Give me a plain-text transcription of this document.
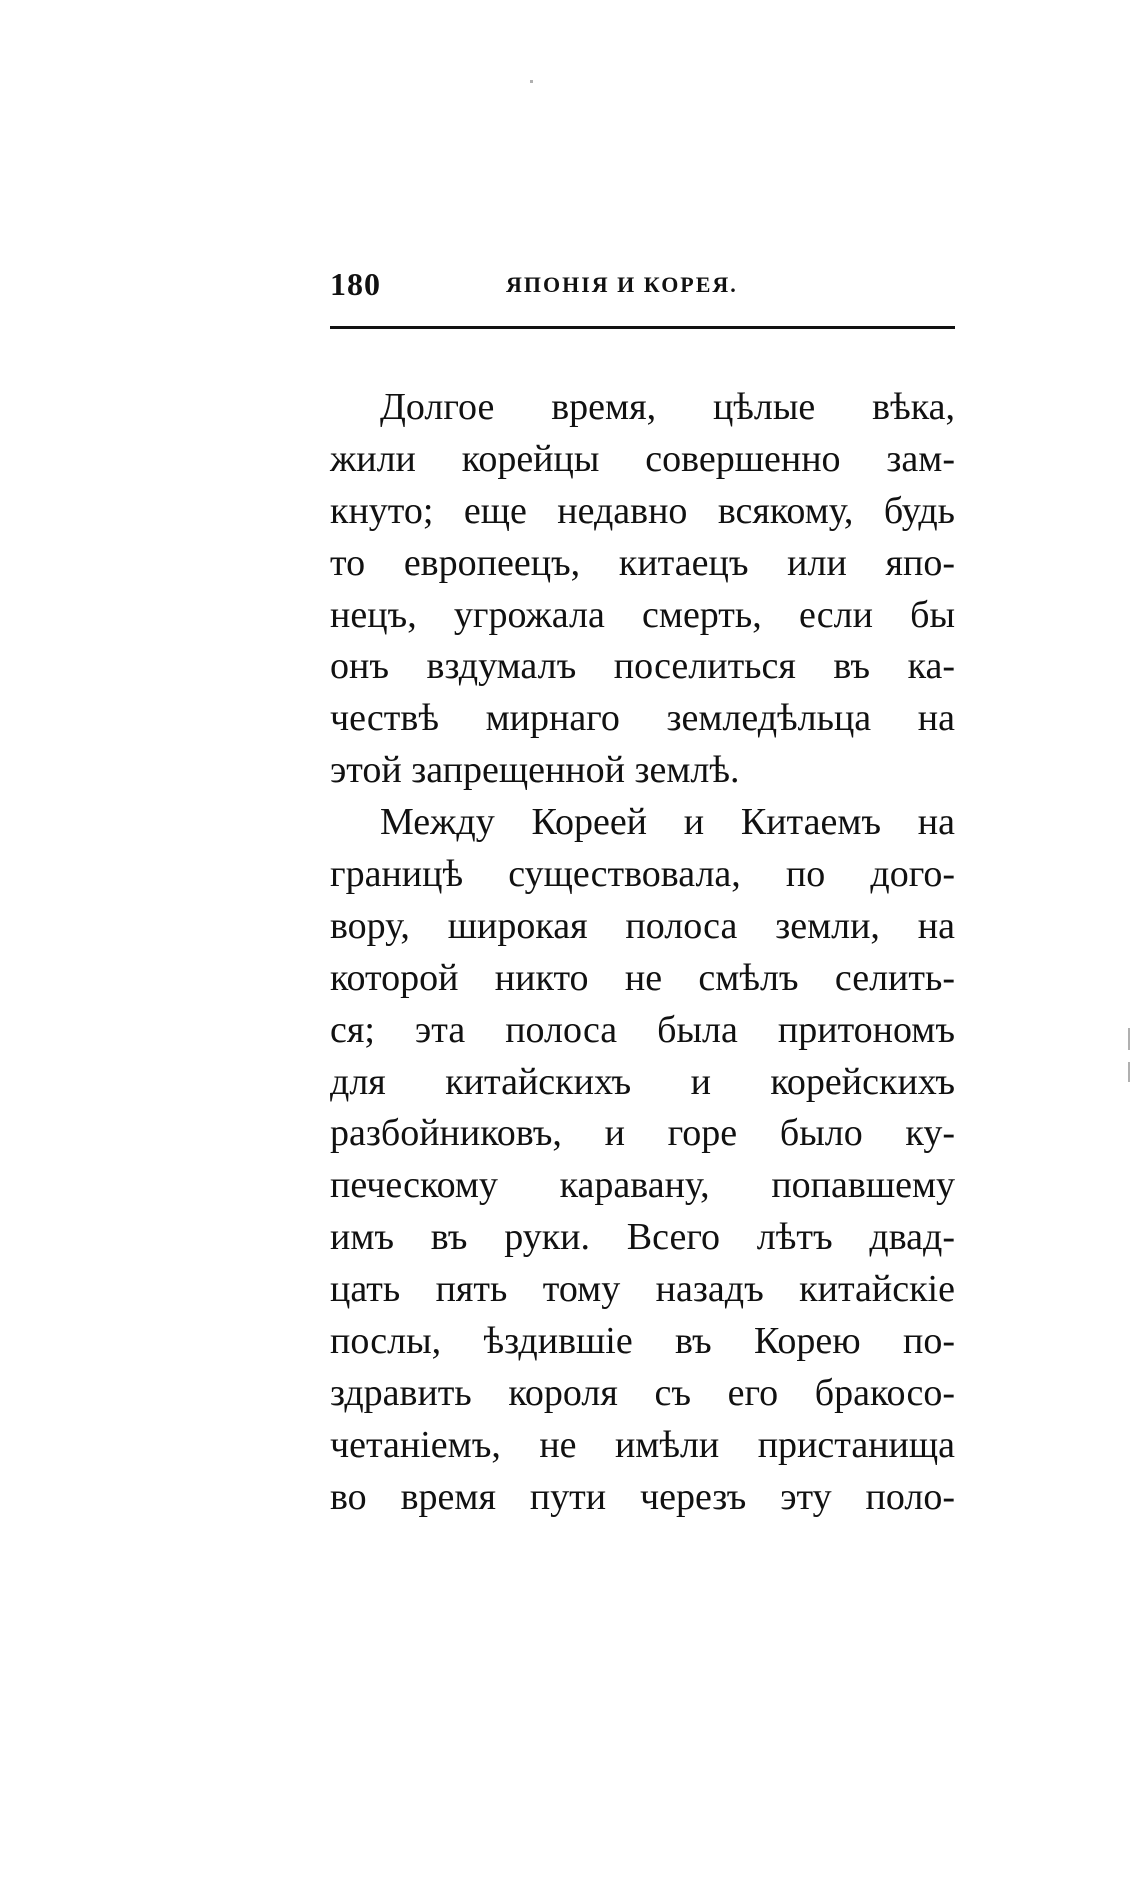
180	ЯПОНІЯ И КОРЕЯ.
Долгое время, цѣлые вѣка,
жили корейцы совершенно зам-
кнуто; еще недавно всякому, будь
то европеецъ, китаецъ или япо-
нецъ, угрожала смерть, если бы
онъ вздумалъ поселиться въ ка-
чествѣ мирнаго земледѣльца на
этой запрещенной землѣ.
Между Кореей и Китаемъ на
границѣ существовала, по дого-
вору, широкая полоса земли, на
которой никто не смѣлъ селить-
ся; эта полоса была притономъ
для китайскихъ и корейскихъ
разбойниковъ, и горе было ку-
печескому каравану, попавшему
имъ въ руки. Всего лѣтъ двад-
цать пять тому назадъ китайскіе
послы, ѣздившіе въ Корею по-
здравить короля съ его бракосо-
четаніемъ, не имѣли пристанища
во время пути черезъ эту поло-
